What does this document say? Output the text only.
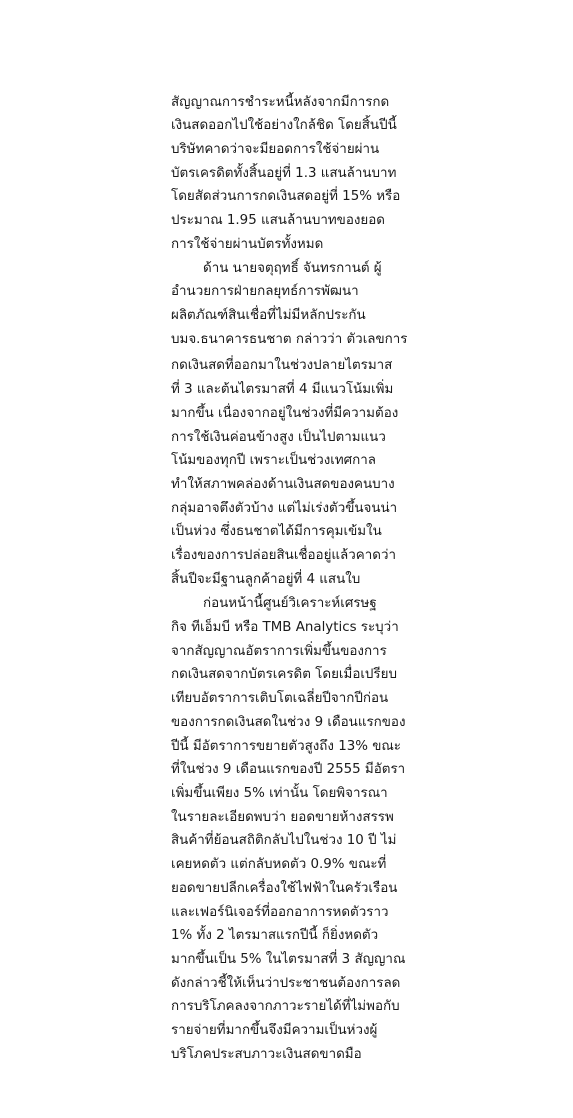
สัญญาณการชำระหนี้หลังจากมีการกด
เงินสดออกไปใช้อย่างใกล้ชิด โดยสิ้นปีนี้
บริษัทคาดว่าจะมียอดการใช้จ่ายผ่าน
บัตรเครดิตทั้งสิ้นอยู่ที่ 1.3 แสนล้านบาท
โดยสัดส่วนการกดเงินสดอยู่ที่ 15% หรือ
ประมาณ 1.95 แสนล้านบาทของยอด
การใช้จ่ายผ่านบัตรทั้งหมด
ด้าน นายจตุฤทธิ์ จันทรกานต์ ผู้
อำนวยการฝ่ายกลยุทธ์การพัฒนา
ผลิตภัณฑ์สินเชื่อที่ไม่มีหลักประกัน
บมจ.ธนาคารธนชาต กล่าวว่า ตัวเลขการ
กดเงินสดที่ออกมาในช่วงปลายไตรมาส
ที่ 3 และต้นไตรมาสที่ 4 มีแนวโน้มเพิ่ม
มากขึ้น เนื่องจากอยู่ในช่วงที่มีความต้อง
การใช้เงินค่อนข้างสูง เป็นไปตามแนว
โน้มของทุกปี เพราะเป็นช่วงเทศกาล
ทำให้สภาพคล่องด้านเงินสดของคนบาง
กลุ่มอาจตึงตัวบ้าง แต่ไม่เร่งตัวขึ้นจนน่า
เป็นห่วง ซึ่งธนชาตได้มีการคุมเข้มใน
เรื่องของการปล่อยสินเชื่ออยู่แล้วคาดว่า
สิ้นปีจะมีฐานลูกค้าอยู่ที่ 4 แสนใบ
ก่อนหน้านี้ศูนย์วิเคราะห์เศรษฐ
กิจ ทีเอ็มบี หรือ TMB Analytics ระบุว่า
จากสัญญาณอัตราการเพิ่มขึ้นของการ
กดเงินสดจากบัตรเครดิต โดยเมื่อเปรียบ
เทียบอัตราการเติบโตเฉลี่ยปีจากปีก่อน
ของการกดเงินสดในช่วง 9 เดือนแรกของ
ปีนี้ มีอัตราการขยายตัวสูงถึง 13% ขณะ
ที่ในช่วง 9 เดือนแรกของปี 2555 มีอัตรา
เพิ่มขึ้นเพียง 5% เท่านั้น โดยพิจารณา
ในรายละเอียดพบว่า ยอดขายห้างสรรพ
สินค้าที่ย้อนสถิติกลับไปในช่วง 10 ปี ไม่
เคยหดตัว แต่กลับหดตัว 0.9% ขณะที่
ยอดขายปลีกเครื่องใช้ไฟฟ้าในครัวเรือน
และเฟอร์นิเจอร์ที่ออกอาการหดตัวราว
1% ทั้ง 2 ไตรมาสแรกปีนี้ ก็ยิ่งหดตัว
มากขึ้นเป็น 5% ในไตรมาสที่ 3 สัญญาณ
ดังกล่าวชี้ให้เห็นว่าประชาชนต้องการลด
การบริโภคลงจากภาวะรายได้ที่ไม่พอกับ
รายจ่ายที่มากขึ้นจึงมีความเป็นห่วงผู้
บริโภคประสบภาวะเงินสดขาดมือ
